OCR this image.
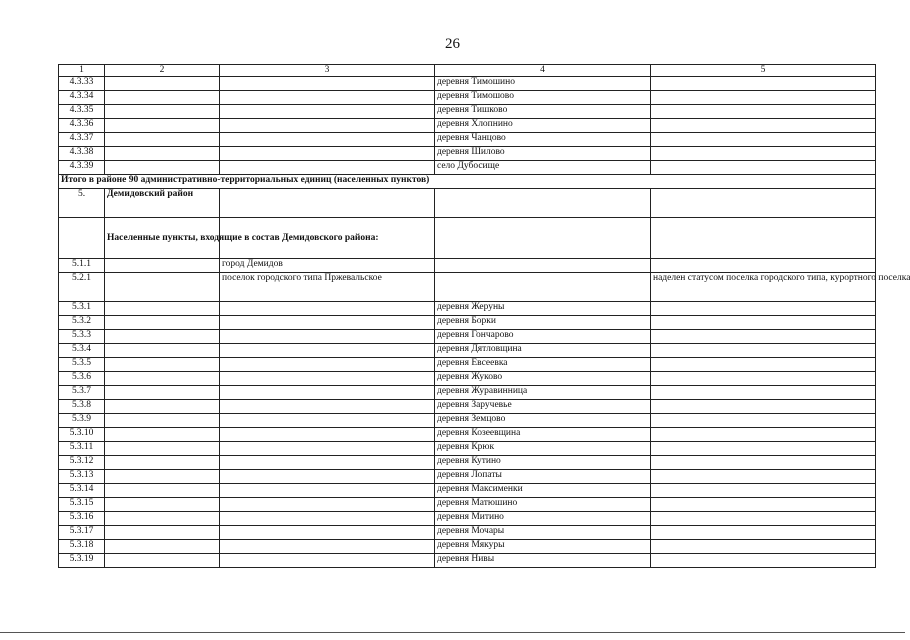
26
1	2	3	4	5
4.3.33			деревня Тимошино	
4.3.34			деревня Тимошово	
4.3.35			деревня Тишково	
4.3.36			деревня Хлопнино	
4.3.37			деревня Чанцово	
4.3.38			деревня Шилово	
4.3.39			село Дубосище	
Итого в районе 90 административно-территориальных единиц (населенных пунктов)				
5.	Демидовский район			
	Населенные пункты, входящие в состав Демидовского района:			
5.1.1		город Демидов		
5.2.1		поселок городского типа Пржевальское		наделен статусом поселка городского типа, курортного поселка
5.3.1			деревня Жеруны	
5.3.2			деревня Борки	
5.3.3			деревня Гончарово	
5.3.4			деревня Дятловщина	
5.3.5			деревня Евсеевка	
5.3.6			деревня Жуково	
5.3.7			деревня Журавинница	
5.3.8			деревня Заручевье	
5.3.9			деревня Земцово	
5.3.10			деревня Козеевщина	
5.3.11			деревня Крюк	
5.3.12			деревня Кутино	
5.3.13			деревня Лопаты	
5.3.14			деревня Максименки	
5.3.15			деревня Матюшино	
5.3.16			деревня Митино	
5.3.17			деревня Мочары	
5.3.18			деревня Мякуры	
5.3.19			деревня Нивы	
